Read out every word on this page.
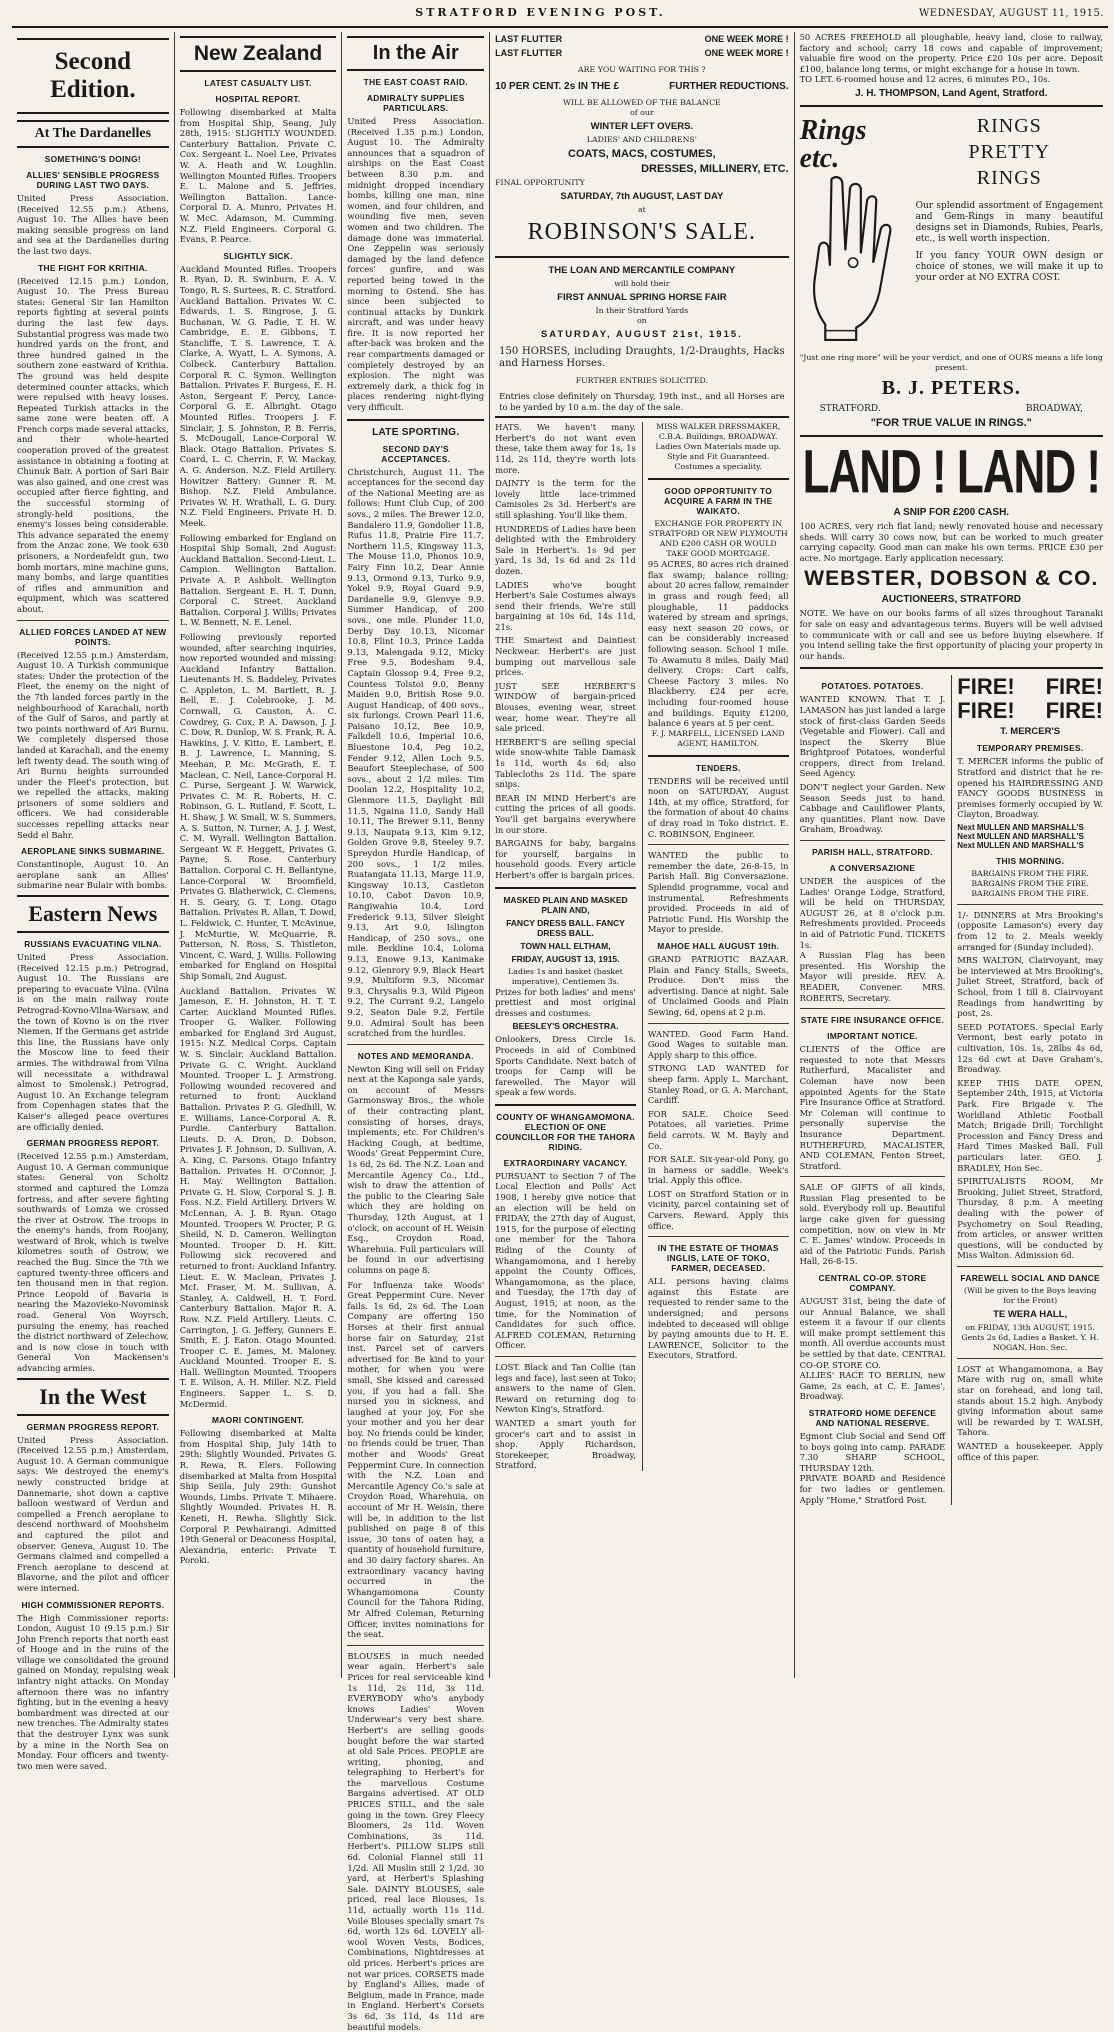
STRATFORD EVENING POST.	WEDNESDAY, AUGUST 11, 1915.
Second Edition.
At The Dardanelles
SOMETHING'S DOING!
ALLIES' SENSIBLE PROGRESS DURING LAST TWO DAYS.

United Press Association. (Received 12.55 p.m.) Athens, August 10. The Allies have been making sensible progress on land and sea at the Dardanelles during the last two days.

THE FIGHT FOR KRITHIA.

(Received 12.15 p.m.) London, August 10. The Press Bureau states: General Sir Ian Hamilton reports fighting at several points during the last few days. Substantial progress was made two hundred yards on the front, and three hundred gained in the southern zone eastward of Krithia. The ground was held despite determined counter attacks, which were repulsed with heavy losses. Repeated Turkish attacks in the same zone were beaten off. A French corps made several attacks, and their whole-hearted cooperation proved of the greatest assistance in obtaining a footing at Chunuk Bair. A portion of Sari Bair was also gained, and one crest was occupied after fierce fighting, and the successful storming of strongly-held positions, the enemy's losses being considerable. This advance separated the enemy from the Anzac zone. We took 630 prisoners, a Nordenfeldt gun, two bomb mortars, mine machine guns, many bombs, and large quantities of rifles and ammunition and equipment, which was scattered about.

ALLIED FORCES LANDED AT NEW POINTS.

(Received 12.55 p.m.) Amsterdam, August 10. A Turkish communique states: Under the protection of the Fleet, the enemy on the night of the 7th landed forces partly in the neighbourhood of Karachali, north of the Gulf of Saros, and partly at two points northward of Ari Burnu. We completely dispersed those landed at Karachali, and the enemy left twenty dead. The south wing of Ari Burnu heights surrounded under the Fleet's protection, but we repelled the attacks, making prisoners of some soldiers and officers. We had considerable successes repelling attacks near Sedd el Bahr.

AEROPLANE SINKS SUBMARINE.

Constantinople, August 10. An aeroplane sank an Allies' submarine near Bulair with bombs.

Eastern News
RUSSIANS EVACUATING VILNA.

United Press Association. (Received 12.15 p.m.) Petrograd, August 10. The Russians are preparing to evacuate Vilna. (Vilna is on the main railway route Petrograd-Kovno-Vilna-Warsaw, and the town of Kovno is on the river Niemen. If the Germans get astride this line, the Russians have only the Moscow line to feed their armies. The withdrawal from Vilna will necessitate a withdrawal almost to Smolensk.) Petrograd, August 10. An Exchange telegram from Copenhagen states that the Kaiser's alleged peace overtures are officially denied.

GERMAN PROGRESS REPORT.

(Received 12.55 p.m.) Amsterdam, August 10. A German communique states: General von Scholtz stormed and captured the Lomza fortress, and after severe fighting southwards of Lomza we crossed the river at Ostrow. The troops in the enemy's hands, from Roojany, westward of Brok, which is twelve kilometres south of Ostrow, we reached the Bug. Since the 7th we captured twenty-three officers and ten thousand men in that region. Prince Leopold of Bavaria is nearing the Mazovieko-Novominsk road. General Von Woyrsch, pursuing the enemy, has reached the district northward of Zelechow, and is now close in touch with General Von Mackensen's advancing armies.

In the West
GERMAN PROGRESS REPORT.

United Press Association. (Received 12.55 p.m.) Amsterdam, August 10. A German communique says: We destroyed the enemy's newly constructed bridge at Dannemarie, shot down a captive balloon westward of Verdun and compelled a French aeroplane to descend northward of Moohsheim and captured the pilot and observer. Geneva, August 10. The Germans claimed and compelled a French aeroplane to descend at Blavorne, and the pilot and officer were interned.

HIGH COMMISSIONER REPORTS.

The High Commissioner reports: London, August 10 (9.15 p.m.) Sir John French reports that north east of Hooge and in the ruins of the village we consolidated the ground gained on Monday, repulsing weak infantry night attacks. On Monday afternoon there was no infantry fighting, but in the evening a heavy bombardment was directed at our new trenches. The Admiralty states that the destroyer Lynx was sunk by a mine in the North Sea on Monday. Four officers and twenty-two men were saved.

New Zealand
LATEST CASUALTY LIST.
HOSPITAL REPORT.

Following disembarked at Malta from Hospital Ship, Seang, July 28th, 1915: SLIGHTLY WOUNDED. Canterbury Battalion. Private C. Cox. Sergeant L. Noel Lee, Privates W. A. Heath and W. Loughlin. Wellington Mounted Rifles. Troopers E. L. Malone and S. Jeffries. Wellington Battalion. Lance-Corporal D. A. Munro, Privates H. W. McC. Adamson, M. Cumming. N.Z. Field Engineers. Corporal G. Evans, P. Pearce.

SLIGHTLY SICK.

Auckland Mounted Rifles. Troopers R. Ryan, D. R. Swinburn, F. A. V. Tongo, R. S. Surtees, R. C. Stratford. Auckland Battalion. Privates W. C. Edwards, I. S. Ringrose, J. G. Buchanan, W. G. Padie, T. H. W. Cambridge, E. E. Gibbons, T. Stancliffe, T. S. Lawrence, T. A. Clarke, A. Wyatt, L. A. Symons, A. Colbeck. Canterbury Battalion. Corporal R. C. Symon. Wellington Battalion. Privates F. Burgess, E. H. Aston, Sergeant F. Percy, Lance-Corporal G. E. Albright. Otago Mounted Rifles. Troopers J. F. Sinclair, J. S. Johnston, P. B. Ferris, S. McDougall, Lance-Corporal W. Black. Otago Battalion. Privates S. Coard, L. C. Cherrin, F. W. Mackay, A. G. Anderson. N.Z. Field Artillery. Howitzer Battery: Gunner R. M. Bishop. N.Z. Field Ambulance. Privates W. H. Wrathall, L. G. Dury. N.Z. Field Engineers. Private H. D. Meek.

Following embarked for England on Hospital Ship Somali, 2nd August: Auckland Battalion. Second-Lieut. L. Campion. Wellington Battalion. Private A. P. Ashbolt. Wellington Battalion. Sergeant E. H. T. Dunn, Corporal C. Street. Auckland Battalion. Corporal J. Willis; Privates L. W. Bennett, N. E. Lenel.

Following previously reported wounded, after searching inquiries, now reported wounded and missing: Auckland Infantry Battalion. Lieutenants H. S. Baddeley, Privates C. Appleton, L. M. Bartlett, R. J. Bell, E. J. Colebrooke, J. M. Cornwall, G. Causton, A. C. Cowdrey, G. Cox, P. A. Dawson, J. J. C. Dow, R. Dunlop, W. S. Frank, R. A. Hawkins, J. V. Kitto, E. Lambert, E. B. J. Lawrence, L. Manning, S. Meehan, P. Mc. McGrath, E. T. Maclean, C. Neil, Lance-Corporal H. C. Purse, Sergeant J. W. Warwick, Privates C. M. R. Roberts, H. C. Robinson, G. L. Rutland, F. Scott, L. H. Shaw, J. W. Small, W. S. Summers, A. S. Sutton, N. Turner, A. J. J. West, C. M. Wyrall. Wellington Battalion. Sergeant W. F. Heggett, Privates G. Payne, S. Rose. Canterbury Battalion. Corporal C. H. Bellantyne, Lance-Corporal W. Broomfield, Privates G. Blatherwick, C. Clemens, H. S. Geary, G. T. Long. Otago Battalion. Privates R. Allan, T. Dowd, L. Feldwick, C. Hunter, T. McAvinue, J. McMurtie, W. McQuarrie, R. Patterson, N. Ross, S. Thistleton, Vincent, C. Ward, J. Willis. Following embarked for England on Hospital Ship Somali, 2nd August.

Auckland Battalion. Privates W. Jameson, E. H. Johnston, H. T. T. Carter. Auckland Mounted Rifles. Trooper G. Walker. Following embarked for England 3rd August, 1915: N.Z. Medical Corps. Captain W. S. Sinclair. Auckland Battalion. Private G. C. Wright. Auckland Mounted. Trooper L. J. Armstrong. Following wounded recovered and returned to front: Auckland Battalion. Privates P. G. Gledhill, W. E. Williams, Lance-Corporal A. R. Purdie. Canterbury Battalion. Lieuts. D. A. Dron, D. Dobson, Privates J. F. Johnson, D. Sullivan, A. A. King, C. Parsons. Otago Infantry Battalion. Privates H. O'Connor, J. H. May. Wellington Battalion. Private G. H. Slow, Corporal S. J. B. Foss. N.Z. Field Artillery. Drivers W. McLennan, A. J. B. Ryan. Otago Mounted. Troopers W. Procter, P. G. Sheild, N. D. Cameron. Wellington Mounted. Trooper D. H. Kitt. Following sick recovered and returned to front: Auckland Infantry. Lieut. E. W. Maclean, Privates J. McI. Fraser, M. M. Sullivan, A. Stanley, A. Caldwell, H. T. Ford. Canterbury Battalion. Major R. A. Row. N.Z. Field Artillery. Lieuts. C. Carrington, J. G. Jeffery, Gunners E. Smith, E. J. Eaton. Otago Mounted. Trooper C. E. James, M. Maloney. Auckland Mounted. Trooper E. S. Hall. Wellington Mounted. Troopers T. E. Wilson, A. H. Miller. N.Z. Field Engineers. Sapper L. S. D. McDermid.

MAORI CONTINGENT.

Following disembarked at Malta from Hospital Ship, July 14th to 29th: Slightly Wounded. Privates G. R. Rewa, R. Elers. Following disembarked at Malta from Hospital Ship Seiila, July 29th: Gunshot Wounds, Limbs. Private T. Mihaere. Slightly Wounded. Privates H. R. Keneti, H. Rewha. Slightly Sick. Corporal P. Pewhairangi. Admitted 19th General or Deaconess Hospital, Alexandria, enteric: Private T. Poroki.

In the Air
THE EAST COAST RAID.
ADMIRALTY SUPPLIES PARTICULARS.

United Press Association. (Received 1.35 p.m.) London, August 10. The Admiralty announces that a squadron of airships on the East Coast between 8.30 p.m. and midnight dropped incendiary bombs, killing one man, nine women, and four children, and wounding five men, seven women and two children. The damage done was immaterial. One Zeppelin was seriously damaged by the land defence forces' gunfire, and was reported being towed in the morning to Ostend. She has since been subjected to continual attacks by Dunkirk aircraft, and was under heavy fire. It is now reported her after-back was broken and the rear compartments damaged or completely destroyed by an explosion. The night was extremely dark, a thick fog in places rendering night-flying very difficult.

LATE SPORTING.
SECOND DAY'S ACCEPTANCES.

Christchurch, August 11. The acceptances for the second day of the National Meeting are as follows: Hunt Club Cup, of 200 sovs., 2 miles. The Brewer 12.0, Bandalero 11.9, Gondolier 11.8, Rufus 11.8, Prairie Fire 11.7, Northern 11.5, Kingsway 11.3, The Mouse 11.0, Phonos 10.9, Fairy Finn 10.2, Dear Annie 9.13, Ormond 9.13, Turko 9.9, Yokel 9.9, Royal Guard 9.9, Dardanelle 9.9, Glenvye 9.9. Summer Handicap, of 200 sovs., one mile. Plunder 11.0, Derby Day 10.13, Nicomar 10.8, Flint 10.3, Prince Ladda 9.13, Malengada 9.12, Micky Free 9.5, Bodesham 9.4, Captain Glossop 9.4, Free 9.2, Countess Tolstoi 9.0, Benny Maiden 9.0, British Rose 9.0. August Handicap, of 400 sovs., six furlongs. Crown Pearl 11.6, Paisano 10.12, Bee 10.9, Falkdell 10.6, Imperial 10.6, Bluestone 10.4, Peg 10.2, Fender 9.12, Allen Loch 9.5. Beaufort Steeplechase, of 500 sovs., about 2 1/2 miles. Tim Doolan 12.2, Hospitality 10.2, Glenmore 11.5, Daylight Bill 11.5, Ngaina 11.0, Sandy Hall 10.11, The Brewer 9.11, Benny 9.13, Naupata 9.13, Kim 9.12, Golden Grove 9.8, Steeley 9.7. Spreydon Hurdle Handicap, of 200 sovs., 1 1/2 miles. Ruatangata 11.13, Marge 11.9, Kingsway 10.13, Castleton 10.10, Cabot Davon 10.9, Rangiwahia 10.4, Lord Frederick 9.13, Silver Sleight 9.13, Art 9.0, Islington Handicap, of 250 sovs., one mile. Berkline 10.4, Loloma 9.13, Enowe 9.13, Kanimake 9.12, Glenrory 9.9, Black Heart 9.9, Multiform 9.3, Nicomar 9.3, Chrysalis 9.3, Wild Pigeon 9.2, The Currant 9.2, Langelo 9.2, Seaton Dale 9.2, Fertile 9.0. Admiral Soult has been scratched from the hurdles.

NOTES AND MEMORANDA.

Newton King will sell on Friday next at the Kaponga sale yards, on account of Messrs Garmonsway Bros., the whole of their contracting plant, consisting of horses, drays, implements, etc. For Children's Hacking Cough, at bedtime, Woods' Great Peppermint Cure, 1s 6d, 2s 6d. The N.Z. Loan and Mercantile Agency Co., Ltd., wish to draw the attention of the public to the Clearing Sale which they are holding on Thursday, 12th August, at 1 o'clock, on account of H. Weisin Esq., Croydon Road, Wharehuia. Full particulars will be found in our advertising columns on page 8.

For Influenza take Woods' Great Peppermint Cure. Never fails. 1s 6d, 2s 6d. The Loan Company are offering 150 Horses at their first annual horse fair on Saturday, 21st inst. Parcel set of carvers advertised for. Be kind to your mother, for when you were small, She kissed and caressed you, if you had a fall. She nursed you in sickness, and laughed at your joy, For she your mother and you her dear boy. No friends could be kinder, no friends could be truer, Than mother and Woods' Great Peppermint Cure. In connection with the N.Z. Loan and Mercantile Agency Co.'s sale at Croydon Road, Wharehuia, on account of Mr H. Weisin, there will be, in addition to the list published on page 8 of this issue, 30 tons of oaten hay, a quantity of household furniture, and 30 dairy factory shares. An extraordinary vacancy having occurred in the Whangamomona County Council for the Tahora Riding, Mr Alfred Coleman, Returning Officer, invites nominations for the seat.

BLOUSES in much needed wear again. Herbert's sale Prices for real serviceable kind 1s 11d, 2s 11d, 3s 11d. EVERYBODY who's anybody knows Ladies' Woven Underwear's very best share. Herbert's are selling goods bought before the war started at old Sale Prices. PEOPLE are writing, phoning, and telegraphing to Herbert's for the marvellous Costume Bargains advertised. AT OLD PRICES STILL, and the sale going in the town. Grey Fleecy Bloomers, 2s 11d. Woven Combinations, 3s 11d. Herbert's. PILLOW SLIPS still 6d. Colonial Flannel still 11 1/2d. All Muslin still 2 1/2d. 30 yard, at Herbert's Splashing Sale. DAINTY BLOUSES, sale priced, real lace Blouses, 1s 11d, actually worth 11s 11d. Voile Blouses specially smart 7s 6d, worth 12s 6d. LOVELY all-wool Woven Vests, Bodices, Combinations, Nightdresses at old prices. Herbert's prices are not war prices. CORSETS made by England's Allies, made of Belgium, made in France, made in England. Herbert's Corsets 3s 6d, 3s 11d, 4s 11d are beautiful models.

LAST FLUTTER	ONE WEEK MORE !
LAST FLUTTER	ONE WEEK MORE !
ARE YOU WAITING FOR THIS ?
10 PER CENT. 2s IN THE £	FURTHER REDUCTIONS.
WILL BE ALLOWED OF THE BALANCE
of our
WINTER LEFT OVERS.
LADIES' AND CHILDRENS'
COATS, MACS, COSTUMES,
DRESSES, MILLINERY, ETC.
FINAL OPPORTUNITY
SATURDAY, 7th AUGUST, LAST DAY
at
ROBINSON'S SALE.
THE LOAN AND MERCANTILE COMPANY
will hold their
FIRST ANNUAL SPRING HORSE FAIR
In their Stratford Yards
on
SATURDAY, AUGUST 21st, 1915.

150 HORSES, including Draughts, 1/2-Draughts, Hacks and Harness Horses.

FURTHER ENTRIES SOLICITED.

Entries close definitely on Thursday, 19th inst., and all Horses are to be yarded by 10 a.m. the day of the sale.

HATS. We haven't many. Herbert's do not want even these, take them away for 1s, 1s 11d, 2s 11d, they're worth lots more.

DAINTY is the term for the lovely little lace-trimmed Camisoles 2s 3d. Herbert's are still splashing. You'll like them.

HUNDREDS of Ladies have been delighted with the Embroidery Sale in Herbert's. 1s 9d per yard, 1s 3d, 1s 6d and 2s 11d dozen.

LADIES who've bought Herbert's Sale Costumes always send their friends. We're still bargaining at 10s 6d, 14s 11d, 21s.

THE Smartest and Daintiest Neckwear. Herbert's are just bumping out marvellous sale prices.

JUST SEE HERBERT'S WINDOW of bargain-priced Blouses, evening wear, street wear, home wear. They're all sale priced.

HERBERT'S are selling special wide snow-white Table Damask 1s 11d, worth 4s 6d; also Tablecloths 2s 11d. The spare snips.

BEAR IN MIND Herbert's are cutting the prices of all goods. You'll get bargains everywhere in our store.

BARGAINS for baby, bargains for yourself, bargains in household goods. Every article Herbert's offer is bargain prices.

MASKED PLAIN AND MASKED PLAIN AND,
FANCY DRESS BALL. FANCY DRESS BALL.
TOWN HALL ELTHAM,
FRIDAY, AUGUST 13, 1915.
Ladies 1s and basket (basket imperative), Centlemen 3s.

Prizes for both ladies' and mens' prettiest and most original dresses and costumes.

BEESLEY'S ORCHESTRA.

Onlookers, Dress Circle 1s. Proceeds in aid of Combined Sports Candidate. Next batch of troops for Camp will be farewelled. The Mayor will speak a few words.

COUNTY OF WHANGAMOMONA. ELECTION OF ONE COUNCILLOR FOR THE TAHORA RIDING.
EXTRAORDINARY VACANCY.

PURSUANT to Section 7 of The Local Election and Polls' Act 1908, I hereby give notice that an election will be held on FRIDAY, the 27th day of August, 1915, for the purpose of electing one member for the Tahora Riding of the County of Whangamomona, and I hereby appoint the County Offices, Whangamomona, as the place, and Tuesday, the 17th day of August, 1915, at noon, as the time, for the Nomination of Candidates for such office. ALFRED COLEMAN, Returning Officer.

LOST. Black and Tan Collie (tan legs and face), last seen at Toko; answers to the name of Glen. Reward on returning dog to Newton King's, Stratford.

WANTED a smart youth for grocer's cart and to assist in shop. Apply Richardson, Storekeeper, Broadway, Stratford.

MISS WALKER DRESSMAKER, C.B.A. Buildings, BROADWAY.
Ladies Own Materials made up. Style and Fit Guaranteed. Costumes a speciality.
GOOD OPPORTUNITY TO ACQUIRE A FARM IN THE WAIKATO.
EXCHANGE FOR PROPERTY IN STRATFORD OR NEW PLYMOUTH AND £200 CASH OR WOULD TAKE GOOD MORTGAGE.

95 ACRES, 80 acres rich drained flax swamp; balance rolling; about 20 acres fallow, remainder in grass and rough feed; all ploughable, 11 paddocks watered by stream and springs, easy next season 20 cows, or can be considerably increased following season. School 1 mile. To Awamutu 8 miles. Daily Mail delivery. Crops: Cart calfs, Cheese Factory 3 miles. No Blackberry. £24 per acre, including four-roomed house and buildings. Equity £1200, balance 6 years at 5 per cent.

F. J. MARFELL, LICENSED LAND AGENT, HAMILTON.
TENDERS.

TENDERS will be received until noon on SATURDAY, August 14th, at my office, Stratford, for the formation of about 40 chains of dray road in Toko district. E. C. ROBINSON, Engineer.

WANTED the public to remember the date, 26-8-15, in Parish Hall. Big Conversazione. Splendid programme, vocal and instrumental. Refreshments provided. Proceeds in aid of Patriotic Fund. His Worship the Mayor to preside.

MAHOE HALL AUGUST 19th.

GRAND PATRIOTIC BAZAAR. Plain and Fancy Stalls, Sweets, Produce. Don't miss the advertising. Dance at night. Sale of Unclaimed Goods and Plain Sewing, 6d, opens at 2 p.m.

WANTED. Good Farm Hand. Good Wages to suitable man. Apply sharp to this office.

STRONG LAD WANTED for sheep farm. Apply L. Marchant, Stanley Road, or G. A. Marchant, Cardiff.

FOR SALE. Choice Seed Potatoes, all varieties. Prime field carrots. W. M. Bayly and Co.

FOR SALE. Six-year-old Pony, go in harness or saddle. Week's trial. Apply this office.

LOST on Stratford Station or in vicinity, parcel containing set of Carvers. Reward. Apply this office.

IN THE ESTATE OF THOMAS INGLIS, LATE OF TOKO, FARMER, DECEASED.

ALL persons having claims against this Estate are requested to render same to the undersigned; and persons indebted to deceased will oblige by paying amounts due to H. E. LAWRENCE, Solicitor to the Executors, Stratford.

50 ACRES FREEHOLD all ploughable, heavy land, close to railway, factory and school; carry 18 cows and capable of improvement; valuable fire wood on the property. Price £20 10s per acre. Deposit £100, balance long terms, or might exchange for a house in town.

TO LET. 6-roomed house and 12 acres, 6 minutes P.O., 10s.

J. H. THOMPSON, Land Agent, Stratford.
Rings etc.
RINGS
PRETTY
RINGS

Our splendid assortment of Engagement and Gem-Rings in many beautiful designs set in Diamonds, Rubies, Pearls, etc., is well worth inspection.

If you fancy YOUR OWN design or choice of stones, we will make it up to your order at NO EXTRA COST.

"Just one ring more" will be your verdict, and one of OURS means a life long present.
B. J. PETERS.
STRATFORD.	BROADWAY,
"FOR TRUE VALUE IN RINGS."
LAND ! LAND !
A SNIP FOR £200 CASH.

100 ACRES, very rich flat land; newly renovated house and necessary sheds. Will carry 30 cows now, but can be worked to much greater carrying capacity. Good man can make his own terms. PRICE £30 per acre. No mortgage. Early application necessary.

WEBSTER, DOBSON & CO.
AUCTIONEERS, STRATFORD

NOTE. We have on our books farms of all sizes throughout Taranaki for sale on easy and advantageous terms. Buyers will be well advised to communicate with or call and see us before buying elsewhere. If you intend selling take the first opportunity of placing your property in our hands.

POTATOES. POTATOES.

WANTED KNOWN. That T. J. LAMASON has just landed a large stock of first-class Garden Seeds (Vegetable and Flower). Call and inspect the Skerry Blue Brightproof Potatoes, wonderful croppers, direct from Ireland. Seed Agency.

DON'T neglect your Garden. New Season Seeds just to hand. Cabbage and Cauliflower Plants, any quantities. Plant now. Dave Graham, Broadway.

PARISH HALL, STRATFORD.
A CONVERSAZIONE

UNDER the auspices of the Ladies' Orange Lodge, Stratford, will be held on THURSDAY, AUGUST 26, at 8 o'clock p.m. Refreshments provided. Proceeds in aid of Patriotic Fund. TICKETS 1s.

A Russian Flag has been presented. His Worship the Mayor will preside. REV. A. READER, Convener. MRS. ROBERTS, Secretary.

STATE FIRE INSURANCE OFFICE.
IMPORTANT NOTICE.

CLIENTS of the Office are requested to note that Messrs Rutherfurd, Macalister and Coleman have now been appointed Agents for the State Fire Insurance Office at Stratford. Mr Coleman will continue to personally supervise the Insurance Department. RUTHERFURD, MACALISTER, AND COLEMAN, Fenton Street, Stratford.

SALE OF GIFTS of all kinds, Russian Flag presented to be sold. Everybody roll up. Beautiful large cake given for guessing competition, now on view in Mr C. E. James' window. Proceeds in aid of the Patriotic Funds. Parish Hall, 26-8-15.

CENTRAL CO-OP. STORE COMPANY.

AUGUST 31st, being the date of our Annual Balance, we shall esteem it a favour if our clients will make prompt settlement this month. All overdue accounts must be settled by that date. CENTRAL CO-OP. STORE CO.

ALLIES' RACE TO BERLIN, new Game, 2s each, at C. E. James', Broadway.

STRATFORD HOME DEFENCE AND NATIONAL RESERVE.

Egmont Club Social and Send Off to boys going into camp. PARADE 7.30 SHARP SCHOOL, THURSDAY 12th.

PRIVATE BOARD and Residence for two ladies or gentlemen. Apply "Home," Stratford Post.

FIRE! FIRE!
FIRE! FIRE!
T. MERCER'S
TEMPORARY PREMISES.

T. MERCER informs the public of Stratford and district that he re-opened his HAIRDRESSING AND FANCY GOODS BUSINESS in premises formerly occupied by W. Clayton, Broadway.

Next MULLEN AND MARSHALL'S Next MULLEN AND MARSHALL'S Next MULLEN AND MARSHALL'S
THIS MORNING.
BARGAINS FROM THE FIRE. BARGAINS FROM THE FIRE. BARGAINS FROM THE FIRE.

1/- DINNERS at Mrs Brooking's (opposite Lamason's) every day from 12 to 2. Meals weekly arranged for (Sunday included).

MRS WALTON, Clairvoyant, may be interviewed at Mrs Brooking's, Juliet Street, Stratford, back of School, from 1 till 8. Clairvoyant Readings from handwriting by post, 2s.

SEED POTATOES. Special Early Vermont, best early potato in cultivation, 10s. 1s, 28lbs 4s 6d, 12s 6d cwt at Dave Graham's, Broadway.

KEEP THIS DATE OPEN, September 24th, 1915, at Victoria Park. Fire Brigade v. The Worldland Athletic Football Match; Brigade Drill; Torchlight Procession and Fancy Dress and Hard Times Masked Ball. Full particulars later. GEO. J. BRADLEY, Hon Sec.

SPIRITUALISTS ROOM, Mr Brooking, Juliet Street, Stratford, Thursday, 8 p.m. A meeting dealing with the power of Psychometry on Soul Reading, from articles, or answer written questions, will be conducted by Miss Walton. Admission 6d.

FAREWELL SOCIAL AND DANCE
(Will be given to the Boys leaving for the Front)
TE WERA HALL,
on FRIDAY, 13th AUGUST, 1915.
Gents 2s 6d, Ladies a Basket. Y. H. NOGAN, Hon. Sec.

LOST at Whangamomona, a Bay Mare with rug on, small white star on forehead, and long tail, stands about 15.2 high. Anybody giving information about same will be rewarded by T. WALSH, Tahora.

WANTED a housekeeper. Apply office of this paper.
